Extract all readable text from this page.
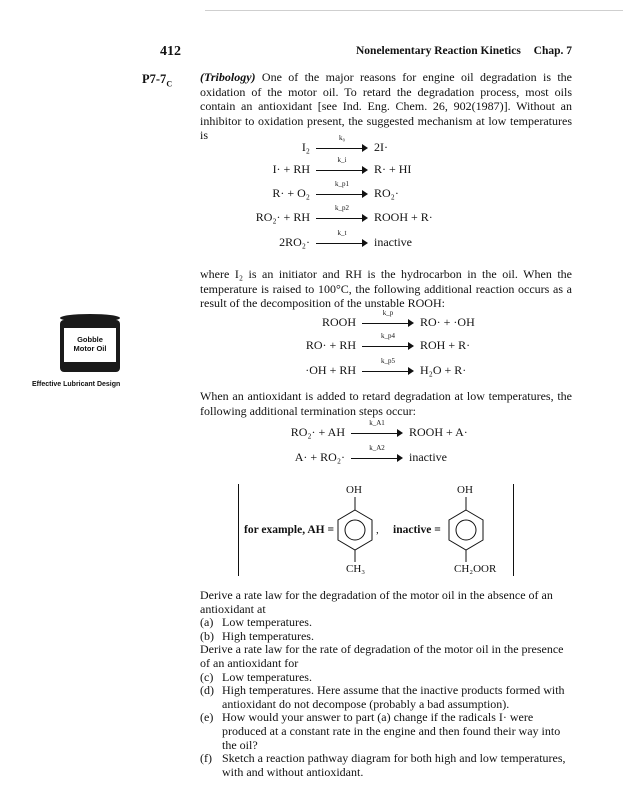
412	Nonelementary Reaction Kinetics Chap. 7
$P7-7_C$ (Tribology) One of the major reasons for engine oil degradation is the oxidation of the motor oil. To retard the degradation process, most oils contain an antioxidant [see Ind. Eng. Chem. 26, 902(1987)]. Without an inhibitor to oxidation present, the suggested mechanism at low temperatures is

I₂
k₀
2I·
I· + RH
k_i
R· + HI
R· + O₂
k_p1
RO₂·
RO₂· + RH
k_p2
ROOH + R·
2RO₂·
k_t
inactive
where I₂ is an initiator and RH is the hydrocarbon in the oil. When the temperature is raised to 100°C, the following additional reaction occurs as a result of the decomposition of the unstable ROOH:
ROOH
k_p
RO· + ·OH
RO· + RH
k_p4
ROH + R·
·OH + RH
k_p5
H₂O + R·
When an antioxidant is added to retard degradation at low temperatures, the following additional termination steps occur:
RO₂· + AH
k_A1
ROOH + A·
A· + RO₂·
k_A2
inactive
for example, AH =	, inactive =
OH
CH₃
OH
CH₂OOR
Gobble
Motor Oil
Effective Lubricant Design
Derive a rate law for the degradation of the motor oil in the absence of an antioxidant at
(a) Low temperatures.
(b) High temperatures.
Derive a rate law for the rate of degradation of the motor oil in the presence of an antioxidant for
(c) Low temperatures.
(d) High temperatures. Here assume that the inactive products formed with antioxidant do not decompose (probably a bad assumption).
(e) How would your answer to part (a) change if the radicals I· were produced at a constant rate in the engine and then found their way into the oil?
(f) Sketch a reaction pathway diagram for both high and low temperatures, with and without antioxidant.
